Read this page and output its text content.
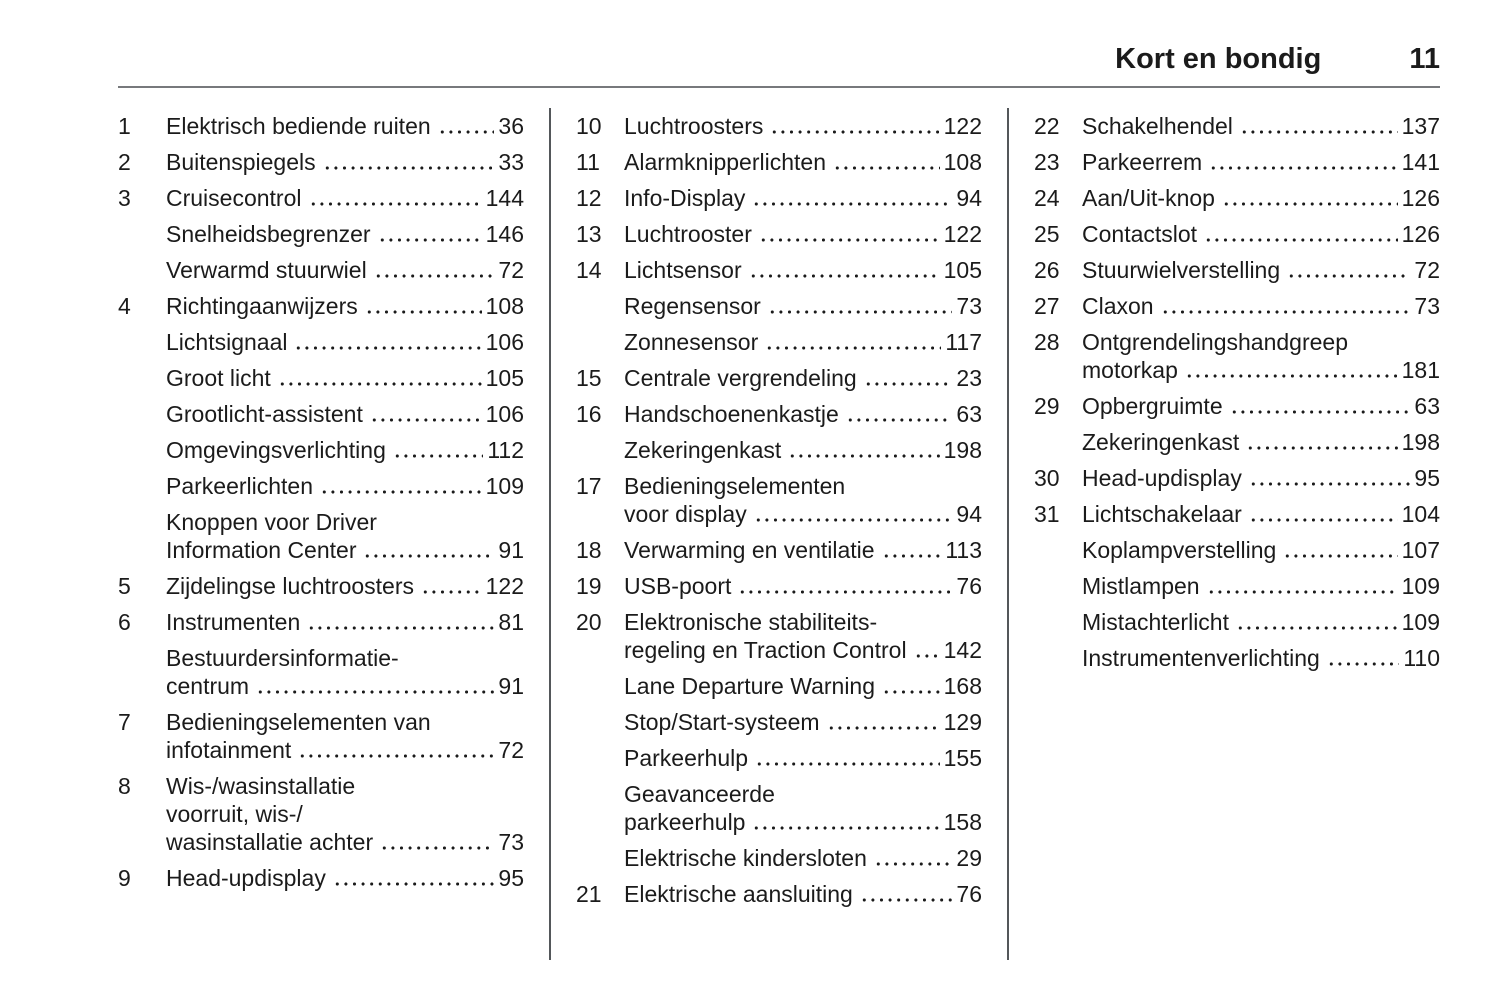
Kort en bondig	11
1	Elektrisch bediende ruiten	36
2	Buitenspiegels	33
3	Cruisecontrol	144
Snelheidsbegrenzer	146
Verwarmd stuurwiel	72
4	Richtingaanwijzers	108
Lichtsignaal	106
Groot licht	105
Grootlicht-assistent	106
Omgevingsverlichting	112
Parkeerlichten	109
Knoppen voor Driver
Information Center	91
5	Zijdelingse luchtroosters	122
6	Instrumenten	81
Bestuurdersinformatie-
centrum	91
7	Bedieningselementen van
infotainment	72
8	Wis-/wasinstallatie
voorruit, wis-/
wasinstallatie achter	73
9	Head-updisplay	95
10 Luchtroosters	122
11	Alarmknipperlichten	108
12 Info-Display	94
13 Luchtrooster	122
14 Lichtsensor	105
Regensensor	73
Zonnesensor	117
15 Centrale vergrendeling	23
16 Handschoenenkastje	63
Zekeringenkast	198
17 Bedieningselementen
voor display	94
18 Verwarming en ventilatie	113
19 USB-poort	76
20 Elektronische stabiliteits-
regeling en Traction Control 142
Lane Departure Warning	168
Stop/Start-systeem	129
Parkeerhulp	155
Geavanceerde
parkeerhulp	158
Elektrische kindersloten	29
21 Elektrische aansluiting	76
22 Schakelhendel	137
23 Parkeerrem	141
24 Aan/Uit-knop	126
25 Contactslot	126
26 Stuurwielverstelling	72
27 Claxon	73
28 Ontgrendelingshandgreep
motorkap	181
29 Opbergruimte	63
Zekeringenkast	198
30 Head-updisplay	95
31 Lichtschakelaar	104
Koplampverstelling	107
Mistlampen	109
Mistachterlicht	109
Instrumentenverlichting	110
